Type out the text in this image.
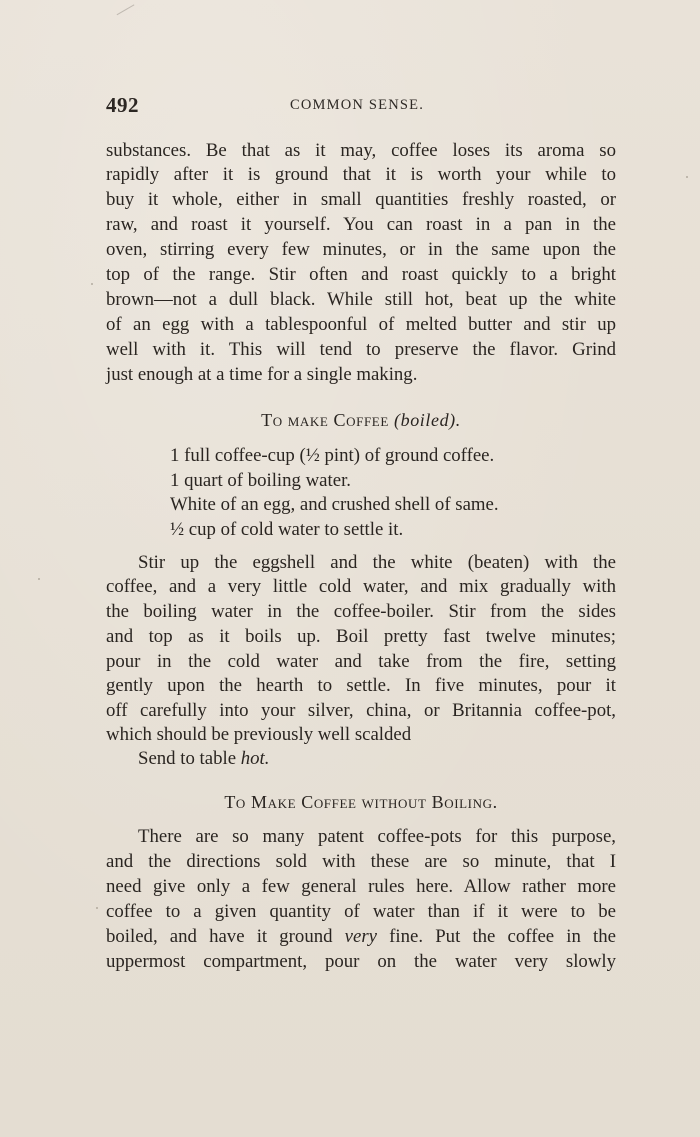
492	COMMON SENSE.
substances. Be that as it may, coffee loses its aroma so
rapidly after it is ground that it is worth your while to
buy it whole, either in small quantities freshly roasted, or
raw, and roast it yourself. You can roast in a pan in the
oven, stirring every few minutes, or in the same upon the
top of the range. Stir often and roast quickly to a bright
brown—not a dull black. While still hot, beat up the white
of an egg with a tablespoonful of melted butter and stir up
well with it. This will tend to preserve the flavor. Grind
just enough at a time for a single making.
To make Coffee (boiled).
1 full coffee-cup (½ pint) of ground coffee.
1 quart of boiling water.
White of an egg, and crushed shell of same.
½ cup of cold water to settle it.
Stir up the eggshell and the white (beaten) with the
coffee, and a very little cold water, and mix gradually with
the boiling water in the coffee-boiler. Stir from the sides
and top as it boils up. Boil pretty fast twelve minutes;
pour in the cold water and take from the fire, setting
gently upon the hearth to settle. In five minutes, pour it
off carefully into your silver, china, or Britannia coffee-pot,
which should be previously well scalded
Send to table hot.
To Make Coffee without Boiling.
There are so many patent coffee-pots for this purpose,
and the directions sold with these are so minute, that I
need give only a few general rules here. Allow rather more
coffee to a given quantity of water than if it were to be
boiled, and have it ground very fine. Put the coffee in the
uppermost compartment, pour on the water very slowly
